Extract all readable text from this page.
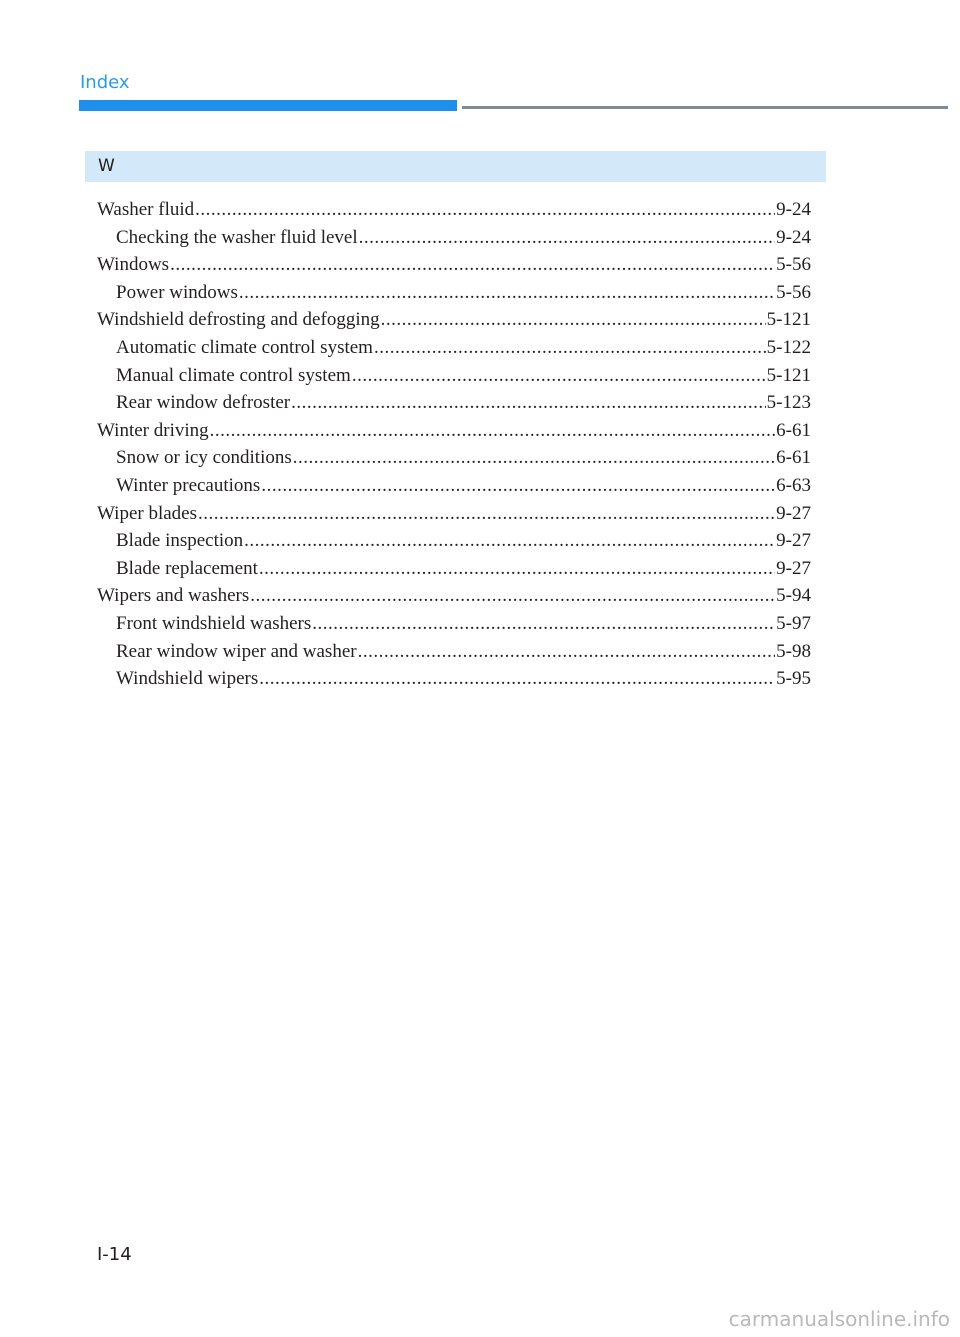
Index
W
Washer fluid .....	9-24
Checking the washer fluid level .....	9-24
Windows .....	5-56
Power windows .....	5-56
Windshield defrosting and defogging .....	5-121
Automatic climate control system .....	5-122
Manual climate control system .....	5-121
Rear window defroster .....	5-123
Winter driving .....	6-61
Snow or icy conditions .....	6-61
Winter precautions .....	6-63
Wiper blades .....	9-27
Blade inspection .....	9-27
Blade replacement .....	9-27
Wipers and washers .....	5-94
Front windshield washers .....	5-97
Rear window wiper and washer .....	5-98
Windshield wipers .....	5-95
I-14
carmanualsonline.info
